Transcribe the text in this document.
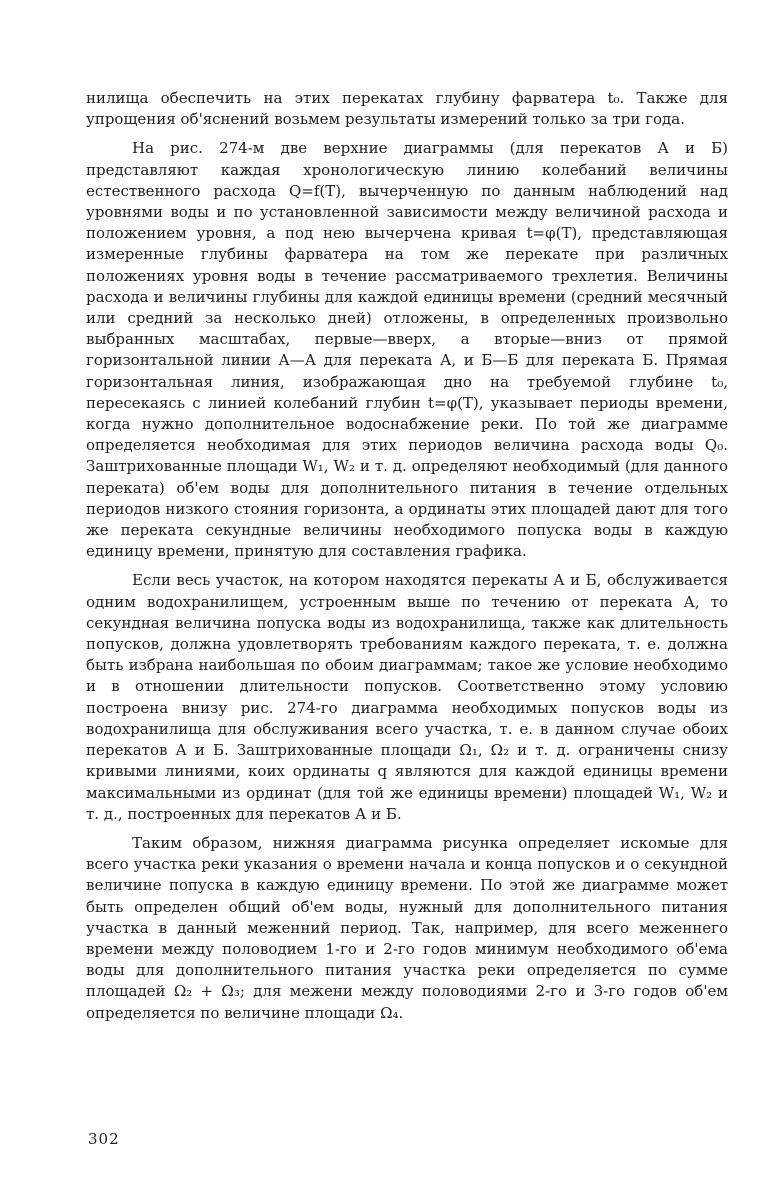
нилища обеспечить на этих перекатах глубину фарватера t₀. Также для упрощения об'яснений возьмем результаты измерений только за три года.

На рис. 274-м две верхние диаграммы (для перекатов А и Б) представляют каждая хронологическую линию колебаний величины естественного расхода Q=f(T), вычерченную по данным наблюдений над уровнями воды и по установленной зависимости между величиной расхода и положением уровня, а под нею вычерчена кривая t=φ(T), представляющая измеренные глубины фарватера на том же перекате при различных положениях уровня воды в течение рассматриваемого трехлетия. Величины расхода и величины глубины для каждой единицы времени (средний месячный или средний за несколько дней) отложены, в определенных произвольно выбранных масштабах, первые—вверх, а вторые—вниз от прямой горизонтальной линии А—А для переката А, и Б—Б для переката Б. Прямая горизонтальная линия, изображающая дно на требуемой глубине t₀, пересекаясь с линией колебаний глубин t=φ(T), указывает периоды времени, когда нужно дополнительное водоснабжение реки. По той же диаграмме определяется необходимая для этих периодов величина расхода воды Q₀. Заштрихованные площади W₁, W₂ и т. д. определяют необходимый (для данного переката) об'ем воды для дополнительного питания в течение отдельных периодов низкого стояния горизонта, а ординаты этих площадей дают для того же переката секундные величины необходимого попуска воды в каждую единицу времени, принятую для составления графика.

Если весь участок, на котором находятся перекаты А и Б, обслуживается одним водохранилищем, устроенным выше по течению от переката А, то секундная величина попуска воды из водохранилища, также как длительность попусков, должна удовлетворять требованиям каждого переката, т. е. должна быть избрана наибольшая по обоим диаграммам; такое же условие необходимо и в отношении длительности попусков. Соответственно этому условию построена внизу рис. 274-го диаграмма необходимых попусков воды из водохранилища для обслуживания всего участка, т. е. в данном случае обоих перекатов А и Б. Заштрихованные площади Ω₁, Ω₂ и т. д. ограничены снизу кривыми линиями, коих ординаты q являются для каждой единицы времени максимальными из ординат (для той же единицы времени) площадей W₁, W₂ и т. д., построенных для перекатов А и Б.

Таким образом, нижняя диаграмма рисунка определяет искомые для всего участка реки указания о времени начала и конца попусков и о секундной величине попуска в каждую единицу времени. По этой же диаграмме может быть определен общий об'ем воды, нужный для дополнительного питания участка в данный меженний период. Так, например, для всего меженнего времени между половодием 1-го и 2-го годов минимум необходимого об'ема воды для дополнительного питания участка реки определяется по сумме площадей Ω₂ + Ω₃; для межени между половодиями 2-го и 3-го годов об'ем определяется по величине площади Ω₄.

302
